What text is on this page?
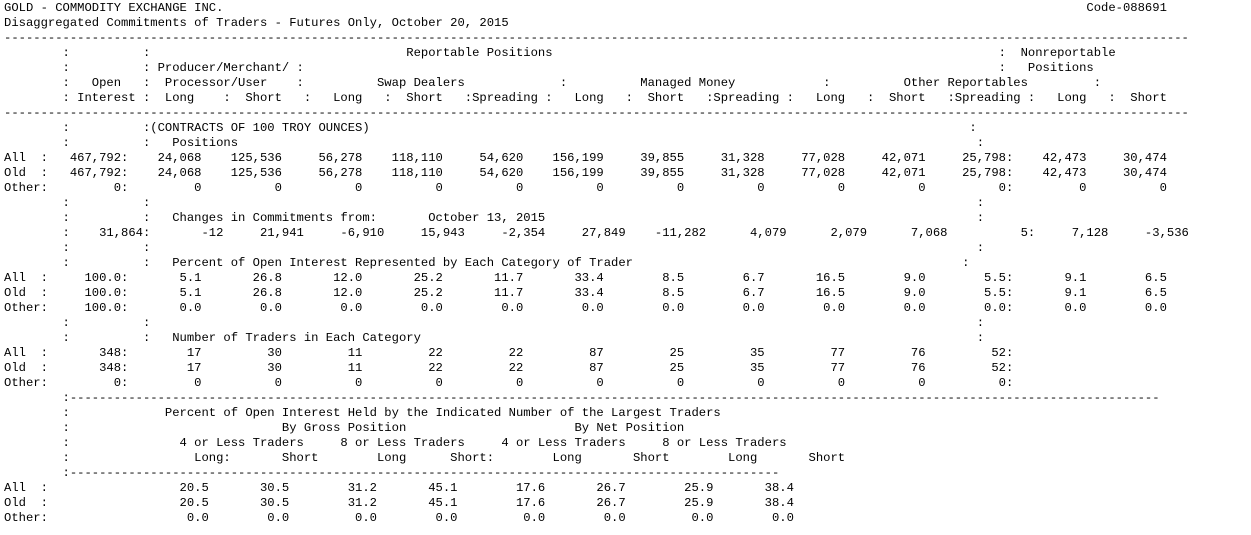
GOLD - COMMODITY EXCHANGE INC.                                                                                                                      Code-088691
Disaggregated Commitments of Traders - Futures Only, October 20, 2015
------------------------------------------------------------------------------------------------------------------------------------------------------------------
:          :                                   Reportable Positions                                                             :  Nonreportable
:          : Producer/Merchant/ :                                                                                               :   Positions
:   Open   :  Processor/User    :          Swap Dealers             :          Managed Money            :          Other Reportables         :
: Interest :  Long    :  Short   :   Long   :  Short   :Spreading :   Long   :  Short   :Spreading :   Long   :  Short   :Spreading :   Long   :  Short
------------------------------------------------------------------------------------------------------------------------------------------------------------------
:          :(CONTRACTS OF 100 TROY OUNCES)                                                                                  :
:          :   Positions                                                                                                     :
All  :   467,792:    24,068    125,536     56,278    118,110     54,620    156,199     39,855     31,328     77,028     42,071     25,798:    42,473     30,474
Old  :   467,792:    24,068    125,536     56,278    118,110     54,620    156,199     39,855     31,328     77,028     42,071     25,798:    42,473     30,474
Other:         0:         0          0          0          0          0          0          0          0          0          0          0:         0          0
:          :                                                                                                                 :
:          :   Changes in Commitments from:       October 13, 2015                                                           :
:    31,864:       -12     21,941     -6,910     15,943     -2,354     27,849    -11,282      4,079      2,079      7,068          5:     7,128     -3,536
:          :                                                                                                                 :
:          :   Percent of Open Interest Represented by Each Category of Trader                                             :
All  :     100.0:       5.1       26.8       12.0       25.2       11.7       33.4        8.5        6.7       16.5        9.0        5.5:       9.1        6.5
Old  :     100.0:       5.1       26.8       12.0       25.2       11.7       33.4        8.5        6.7       16.5        9.0        5.5:       9.1        6.5
Other:     100.0:       0.0        0.0        0.0        0.0        0.0        0.0        0.0        0.0        0.0        0.0        0.0:       0.0        0.0
:          :                                                                                                                 :
:          :   Number of Traders in Each Category                                                                            :
All  :       348:        17         30         11         22         22         87         25         35         77         76         52:
Old  :       348:        17         30         11         22         22         87         25         35         77         76         52:
Other:         0:         0          0          0          0          0          0          0          0          0          0          0:
:-----------------------------------------------------------------------------------------------------------------------------------------------------
:             Percent of Open Interest Held by the Indicated Number of the Largest Traders
:                             By Gross Position                       By Net Position
:               4 or Less Traders     8 or Less Traders     4 or Less Traders     8 or Less Traders
:                 Long:       Short        Long      Short:        Long       Short        Long       Short
:-------------------------------------------------------------------------------------------------
All  :                  20.5       30.5        31.2       45.1        17.6       26.7        25.9       38.4
Old  :                  20.5       30.5        31.2       45.1        17.6       26.7        25.9       38.4
Other:                   0.0        0.0         0.0        0.0         0.0        0.0         0.0        0.0
